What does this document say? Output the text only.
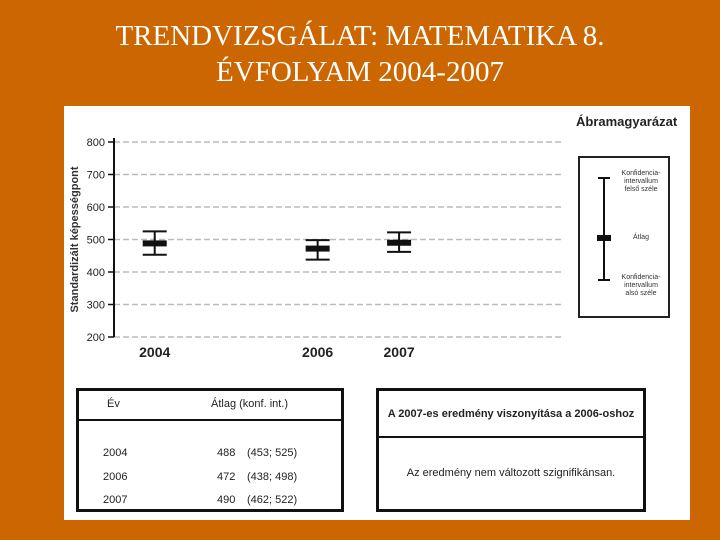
TRENDVIZSGÁLAT: MATEMATIKA 8.
ÉVFOLYAM 2004-2007
800
700
600
500
400
300
200
Standardizált képességpont
2004	2006	2007
Ábramagyarázat
Konfidencia-
intervallum
felső széle
Átlag
Konfidencia-
intervallum
alsó széle
Év	Átlag (konf. int.)
2004	488 (453; 525)
2006	472 (438; 498)
2007	490 (462; 522)
A 2007-es eredmény viszonyítása a 2006-oshoz
Az eredmény nem változott szignifikánsan.
